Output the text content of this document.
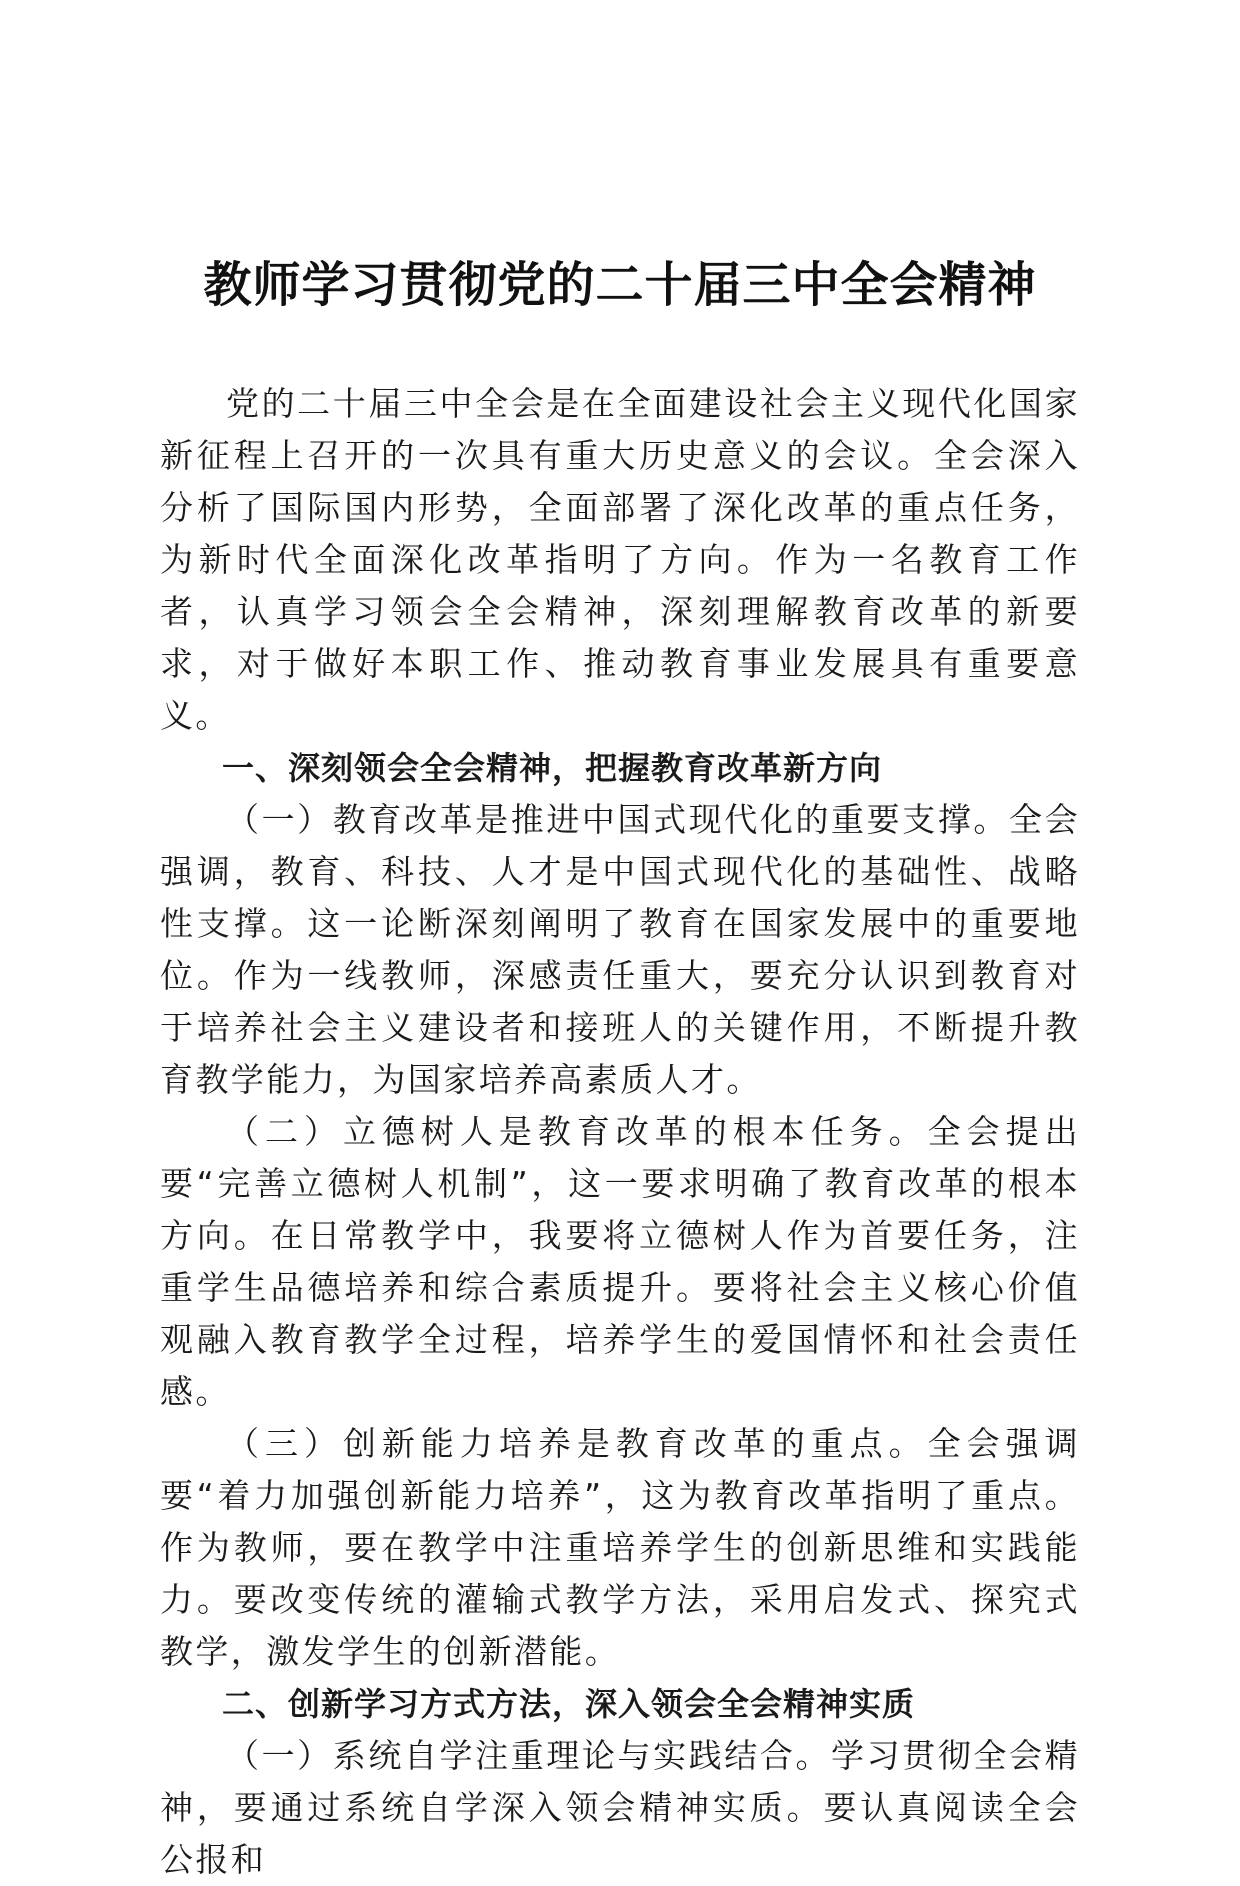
教师学习贯彻党的二十届三中全会精神

党的二十届三中全会是在全面建设社会主义现代化国家新征程上召开的一次具有重大历史意义的会议。全会深入分析了国际国内形势，全面部署了深化改革的重点任务，为新时代全面深化改革指明了方向。作为一名教育工作者，认真学习领会全会精神，深刻理解教育改革的新要求，对于做好本职工作、推动教育事业发展具有重要意义。

一、深刻领会全会精神，把握教育改革新方向

（一）教育改革是推进中国式现代化的重要支撑。全会强调，教育、科技、人才是中国式现代化的基础性、战略性支撑。这一论断深刻阐明了教育在国家发展中的重要地位。作为一线教师，深感责任重大，要充分认识到教育对于培养社会主义建设者和接班人的关键作用，不断提升教育教学能力，为国家培养高素质人才。

（二）立德树人是教育改革的根本任务。全会提出要“完善立德树人机制”，这一要求明确了教育改革的根本方向。在日常教学中，我要将立德树人作为首要任务，注重学生品德培养和综合素质提升。要将社会主义核心价值观融入教育教学全过程，培养学生的爱国情怀和社会责任感。

（三）创新能力培养是教育改革的重点。全会强调要“着力加强创新能力培养”，这为教育改革指明了重点。作为教师，要在教学中注重培养学生的创新思维和实践能力。要改变传统的灌输式教学方法，采用启发式、探究式教学，激发学生的创新潜能。

二、创新学习方式方法，深入领会全会精神实质

（一）系统自学注重理论与实践结合。学习贯彻全会精神，要通过系统自学深入领会精神实质。要认真阅读全会公报和
